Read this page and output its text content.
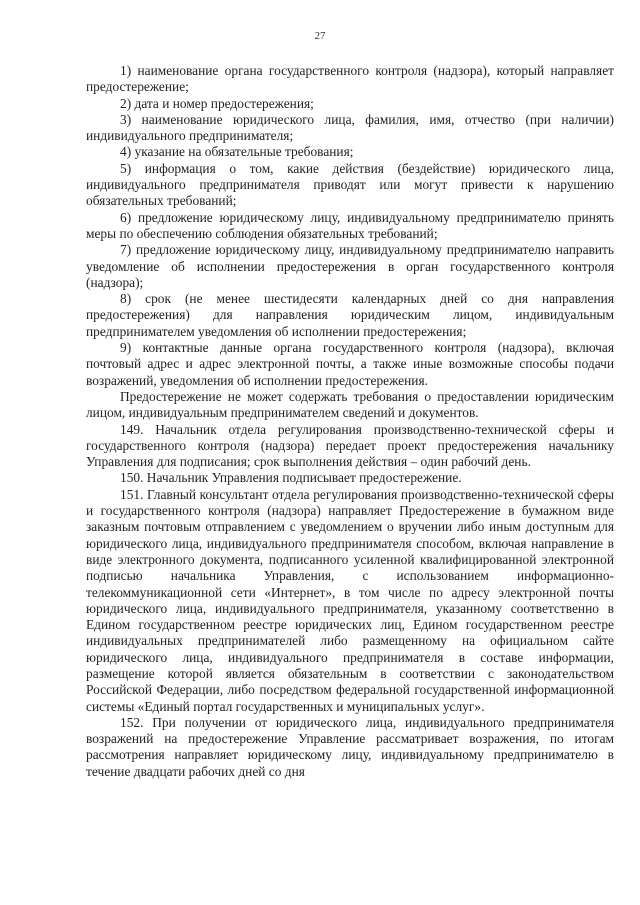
27

1) наименование органа государственного контроля (надзора), который направляет предостережение;

2) дата и номер предостережения;

3) наименование юридического лица, фамилия, имя, отчество (при наличии) индивидуального предпринимателя;

4) указание на обязательные требования;

5) информация о том, какие действия (бездействие) юридического лица, индивидуального предпринимателя приводят или могут привести к нарушению обязательных требований;

6) предложение юридическому лицу, индивидуальному предпринимателю принять меры по обеспечению соблюдения обязательных требований;

7) предложение юридическому лицу, индивидуальному предпринимателю направить уведомление об исполнении предостережения в орган государственного контроля (надзора);

8) срок (не менее шестидесяти календарных дней со дня направления предостережения) для направления юридическим лицом, индивидуальным предпринимателем уведомления об исполнении предостережения;

9) контактные данные органа государственного контроля (надзора), включая почтовый адрес и адрес электронной почты, а также иные возможные способы подачи возражений, уведомления об исполнении предостережения.

Предостережение не может содержать требования о предоставлении юридическим лицом, индивидуальным предпринимателем сведений и документов.

149. Начальник отдела регулирования производственно-технической сферы и государственного контроля (надзора) передает проект предостережения начальнику Управления для подписания; срок выполнения действия – один рабочий день.

150. Начальник Управления подписывает предостережение.

151. Главный консультант отдела регулирования производственно-технической сферы и государственного контроля (надзора) направляет Предостережение в бумажном виде заказным почтовым отправлением с уведомлением о вручении либо иным доступным для юридического лица, индивидуального предпринимателя способом, включая направление в виде электронного документа, подписанного усиленной квалифицированной электронной подписью начальника Управления, с использованием информационно-телекоммуникационной сети «Интернет», в том числе по адресу электронной почты юридического лица, индивидуального предпринимателя, указанному соответственно в Едином государственном реестре юридических лиц, Едином государственном реестре индивидуальных предпринимателей либо размещенному на официальном сайте юридического лица, индивидуального предпринимателя в составе информации, размещение которой является обязательным в соответствии с законодательством Российской Федерации, либо посредством федеральной государственной информационной системы «Единый портал государственных и муниципальных услуг».

152. При получении от юридического лица, индивидуального предпринимателя возражений на предостережение Управление рассматривает возражения, по итогам рассмотрения направляет юридическому лицу, индивидуальному предпринимателю в течение двадцати рабочих дней со дня
